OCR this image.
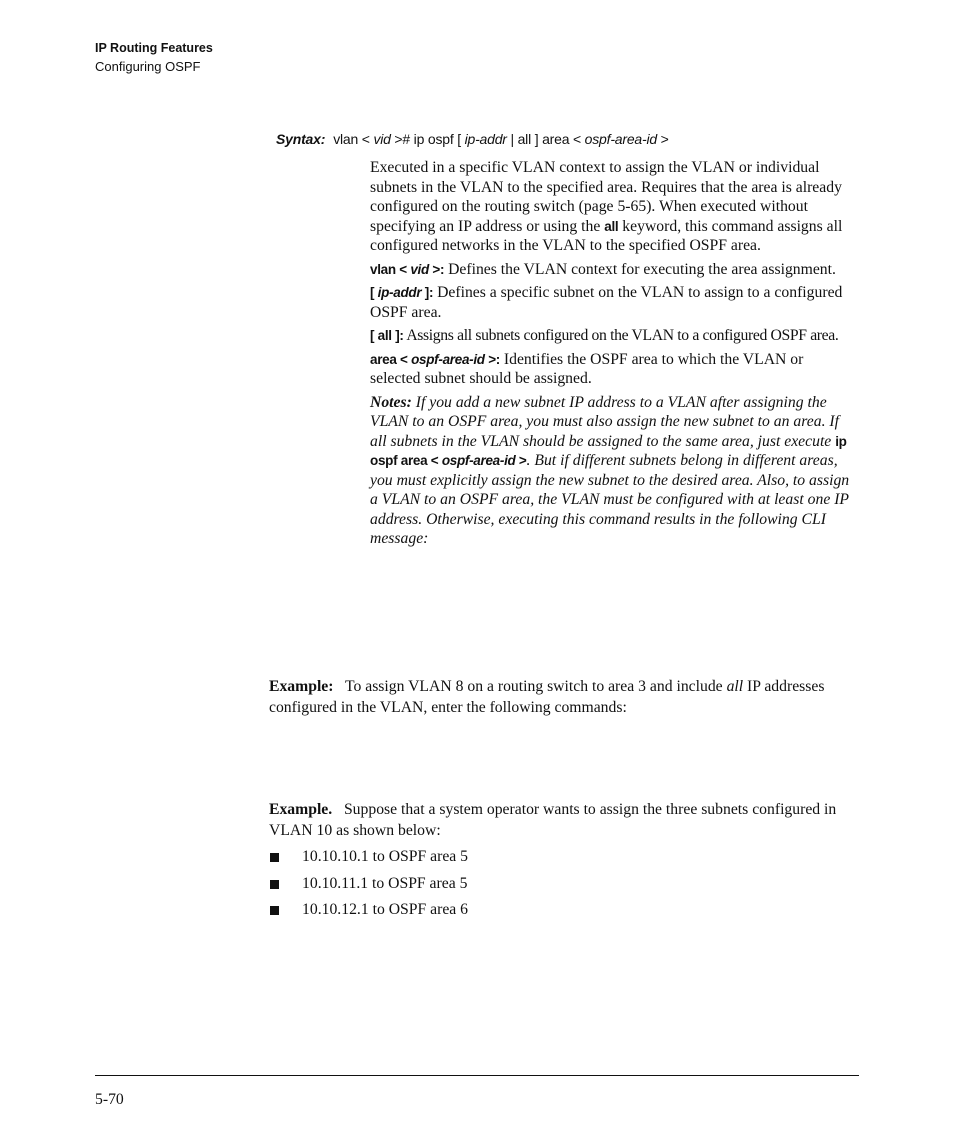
IP Routing Features
Configuring OSPF
Syntax: vlan < vid ># ip ospf [ ip-addr | all ] area < ospf-area-id >

Executed in a specific VLAN context to assign the VLAN or individual subnets in the VLAN to the specified area. Requires that the area is already configured on the routing switch (page 5-65). When executed without specifying an IP address or using the all keyword, this command assigns all configured networks in the VLAN to the specified OSPF area.

vlan < vid >: Defines the VLAN context for executing the area assignment.

[ ip-addr ]: Defines a specific subnet on the VLAN to assign to a configured OSPF area.

[ all ]: Assigns all subnets configured on the VLAN to a configured OSPF area.

area < ospf-area-id >: Identifies the OSPF area to which the VLAN or selected subnet should be assigned.

Notes: If you add a new subnet IP address to a VLAN after assigning the VLAN to an OSPF area, you must also assign the new subnet to an area. If all subnets in the VLAN should be assigned to the same area, just execute ip ospf area < ospf-area-id >. But if different subnets belong in different areas, you must explicitly assign the new subnet to the desired area. Also, to assign a VLAN to an OSPF area, the VLAN must be configured with at least one IP address. Otherwise, executing this command results in the following CLI message:

Example: To assign VLAN 8 on a routing switch to area 3 and include all IP addresses configured in the VLAN, enter the following commands:

Example. Suppose that a system operator wants to assign the three subnets configured in VLAN 10 as shown below:

10.10.10.1 to OSPF area 5
10.10.11.1 to OSPF area 5
10.10.12.1 to OSPF area 6
5-70
